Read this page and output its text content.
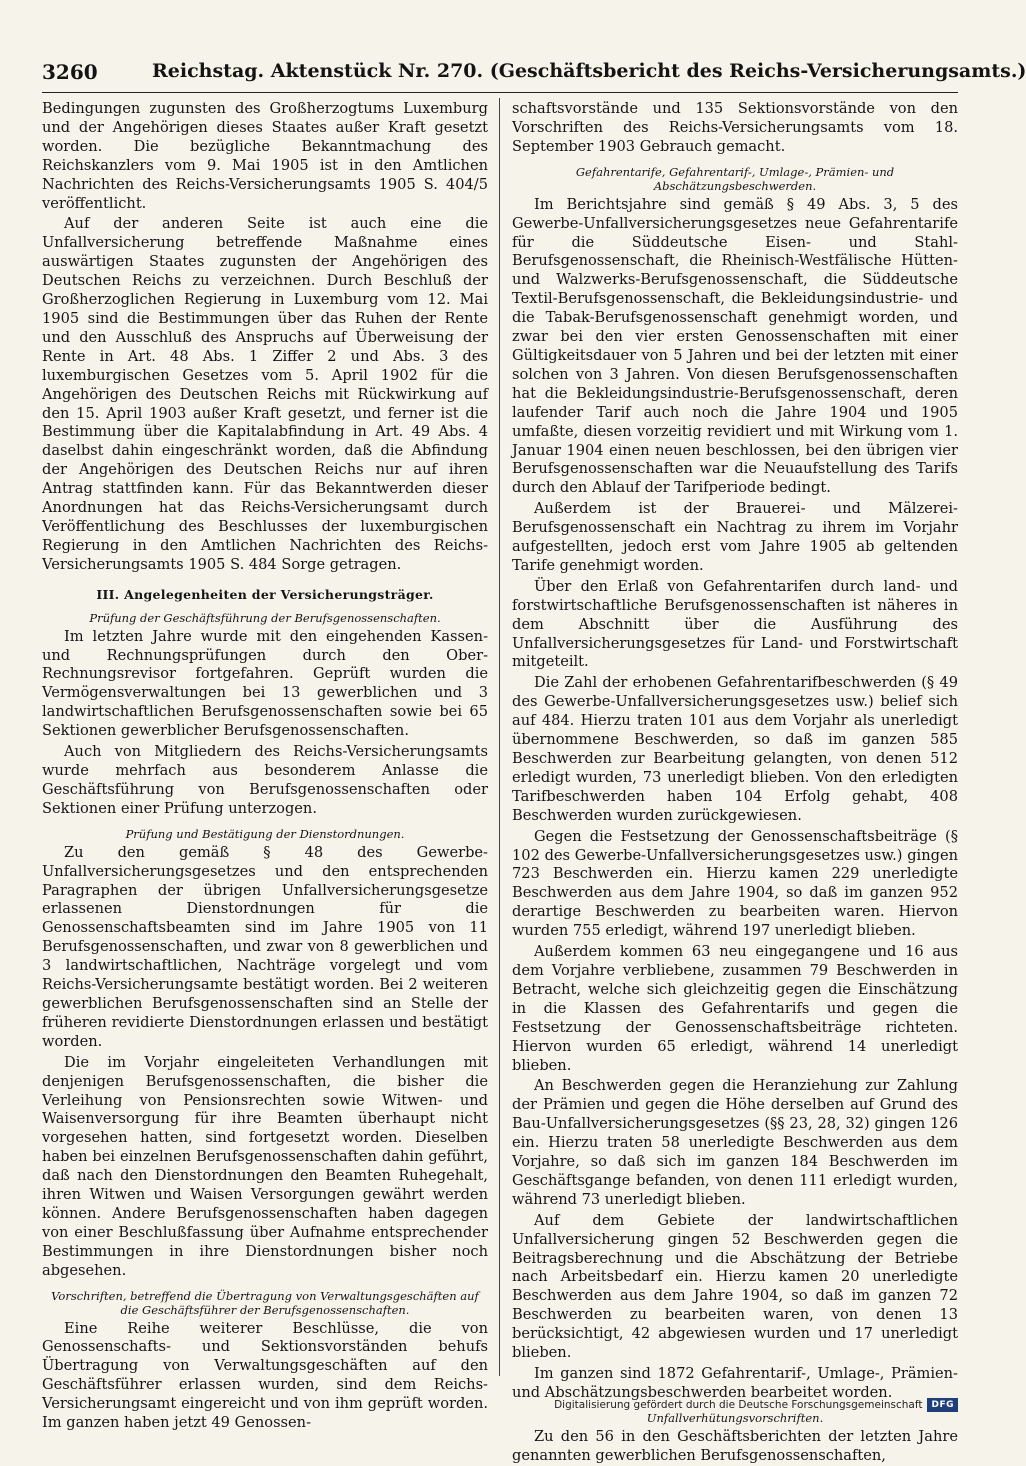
3260	Reichstag. Aktenstück Nr. 270. (Geschäftsbericht des Reichs-Versicherungsamts.)

Bedingungen zugunsten des Großherzogtums Luxemburg und der Angehörigen dieses Staates außer Kraft gesetzt worden. Die bezügliche Bekanntmachung des Reichskanzlers vom 9. Mai 1905 ist in den Amtlichen Nachrichten des Reichs-Versicherungsamts 1905 S. 404/5 veröffentlicht.

Auf der anderen Seite ist auch eine die Unfallversicherung betreffende Maßnahme eines auswärtigen Staates zugunsten der Angehörigen des Deutschen Reichs zu verzeichnen. Durch Beschluß der Großherzoglichen Regierung in Luxemburg vom 12. Mai 1905 sind die Bestimmungen über das Ruhen der Rente und den Ausschluß des Anspruchs auf Überweisung der Rente in Art. 48 Abs. 1 Ziffer 2 und Abs. 3 des luxemburgischen Gesetzes vom 5. April 1902 für die Angehörigen des Deutschen Reichs mit Rückwirkung auf den 15. April 1903 außer Kraft gesetzt, und ferner ist die Bestimmung über die Kapitalabfindung in Art. 49 Abs. 4 daselbst dahin eingeschränkt worden, daß die Abfindung der Angehörigen des Deutschen Reichs nur auf ihren Antrag stattfinden kann. Für das Bekanntwerden dieser Anordnungen hat das Reichs-Versicherungsamt durch Veröffentlichung des Beschlusses der luxemburgischen Regierung in den Amtlichen Nachrichten des Reichs-Versicherungsamts 1905 S. 484 Sorge getragen.

III. Angelegenheiten der Versicherungsträger.
Prüfung der Geschäftsführung der Berufsgenossenschaften.

Im letzten Jahre wurde mit den eingehenden Kassen- und Rechnungsprüfungen durch den Ober-Rechnungsrevisor fortgefahren. Geprüft wurden die Vermögensverwaltungen bei 13 gewerblichen und 3 landwirtschaftlichen Berufsgenossenschaften sowie bei 65 Sektionen gewerblicher Berufsgenossenschaften.

Auch von Mitgliedern des Reichs-Versicherungsamts wurde mehrfach aus besonderem Anlasse die Geschäftsführung von Berufsgenossenschaften oder Sektionen einer Prüfung unterzogen.

Prüfung und Bestätigung der Dienstordnungen.

Zu den gemäß § 48 des Gewerbe-Unfallversicherungsgesetzes und den entsprechenden Paragraphen der übrigen Unfallversicherungsgesetze erlassenen Dienstordnungen für die Genossenschaftsbeamten sind im Jahre 1905 von 11 Berufsgenossenschaften, und zwar von 8 gewerblichen und 3 landwirtschaftlichen, Nachträge vorgelegt und vom Reichs-Versicherungsamte bestätigt worden. Bei 2 weiteren gewerblichen Berufsgenossenschaften sind an Stelle der früheren revidierte Dienstordnungen erlassen und bestätigt worden.

Die im Vorjahr eingeleiteten Verhandlungen mit denjenigen Berufsgenossenschaften, die bisher die Verleihung von Pensionsrechten sowie Witwen- und Waisenversorgung für ihre Beamten überhaupt nicht vorgesehen hatten, sind fortgesetzt worden. Dieselben haben bei einzelnen Berufsgenossenschaften dahin geführt, daß nach den Dienstordnungen den Beamten Ruhegehalt, ihren Witwen und Waisen Versorgungen gewährt werden können. Andere Berufsgenossenschaften haben dagegen von einer Beschlußfassung über Aufnahme entsprechender Bestimmungen in ihre Dienstordnungen bisher noch abgesehen.

Vorschriften, betreffend die Übertragung von Verwaltungsgeschäften auf die Geschäftsführer der Berufsgenossenschaften.

Eine Reihe weiterer Beschlüsse, die von Genossenschafts- und Sektionsvorständen behufs Übertragung von Verwaltungsgeschäften auf den Geschäftsführer erlassen wurden, sind dem Reichs-Versicherungsamt eingereicht und von ihm geprüft worden. Im ganzen haben jetzt 49 Genossen-

schaftsvorstände und 135 Sektionsvorstände von den Vorschriften des Reichs-Versicherungsamts vom 18. September 1903 Gebrauch gemacht.

Gefahrentarife, Gefahrentarif-, Umlage-, Prämien- und Abschätzungsbeschwerden.

Im Berichtsjahre sind gemäß § 49 Abs. 3, 5 des Gewerbe-Unfallversicherungsgesetzes neue Gefahrentarife für die Süddeutsche Eisen- und Stahl-Berufsgenossenschaft, die Rheinisch-Westfälische Hütten- und Walzwerks-Berufsgenossenschaft, die Süddeutsche Textil-Berufsgenossenschaft, die Bekleidungsindustrie- und die Tabak-Berufsgenossenschaft genehmigt worden, und zwar bei den vier ersten Genossenschaften mit einer Gültigkeitsdauer von 5 Jahren und bei der letzten mit einer solchen von 3 Jahren. Von diesen Berufsgenossenschaften hat die Bekleidungsindustrie-Berufsgenossenschaft, deren laufender Tarif auch noch die Jahre 1904 und 1905 umfaßte, diesen vorzeitig revidiert und mit Wirkung vom 1. Januar 1904 einen neuen beschlossen, bei den übrigen vier Berufsgenossenschaften war die Neuaufstellung des Tarifs durch den Ablauf der Tarifperiode bedingt.

Außerdem ist der Brauerei- und Mälzerei-Berufsgenossenschaft ein Nachtrag zu ihrem im Vorjahr aufgestellten, jedoch erst vom Jahre 1905 ab geltenden Tarife genehmigt worden.

Über den Erlaß von Gefahrentarifen durch land- und forstwirtschaftliche Berufsgenossenschaften ist näheres in dem Abschnitt über die Ausführung des Unfallversicherungsgesetzes für Land- und Forstwirtschaft mitgeteilt.

Die Zahl der erhobenen Gefahrentarifbeschwerden (§ 49 des Gewerbe-Unfallversicherungsgesetzes usw.) belief sich auf 484. Hierzu traten 101 aus dem Vorjahr als unerledigt übernommene Beschwerden, so daß im ganzen 585 Beschwerden zur Bearbeitung gelangten, von denen 512 erledigt wurden, 73 unerledigt blieben. Von den erledigten Tarifbeschwerden haben 104 Erfolg gehabt, 408 Beschwerden wurden zurückgewiesen.

Gegen die Festsetzung der Genossenschaftsbeiträge (§ 102 des Gewerbe-Unfallversicherungsgesetzes usw.) gingen 723 Beschwerden ein. Hierzu kamen 229 unerledigte Beschwerden aus dem Jahre 1904, so daß im ganzen 952 derartige Beschwerden zu bearbeiten waren. Hiervon wurden 755 erledigt, während 197 unerledigt blieben.

Außerdem kommen 63 neu eingegangene und 16 aus dem Vorjahre verbliebene, zusammen 79 Beschwerden in Betracht, welche sich gleichzeitig gegen die Einschätzung in die Klassen des Gefahrentarifs und gegen die Festsetzung der Genossenschaftsbeiträge richteten. Hiervon wurden 65 erledigt, während 14 unerledigt blieben.

An Beschwerden gegen die Heranziehung zur Zahlung der Prämien und gegen die Höhe derselben auf Grund des Bau-Unfallversicherungsgesetzes (§§ 23, 28, 32) gingen 126 ein. Hierzu traten 58 unerledigte Beschwerden aus dem Vorjahre, so daß sich im ganzen 184 Beschwerden im Geschäftsgange befanden, von denen 111 erledigt wurden, während 73 unerledigt blieben.

Auf dem Gebiete der landwirtschaftlichen Unfallversicherung gingen 52 Beschwerden gegen die Beitragsberechnung und die Abschätzung der Betriebe nach Arbeitsbedarf ein. Hierzu kamen 20 unerledigte Beschwerden aus dem Jahre 1904, so daß im ganzen 72 Beschwerden zu bearbeiten waren, von denen 13 berücksichtigt, 42 abgewiesen wurden und 17 unerledigt blieben.

Im ganzen sind 1872 Gefahrentarif-, Umlage-, Prämien- und Abschätzungsbeschwerden bearbeitet worden.

Unfallverhütungsvorschriften.

Zu den 56 in den Geschäftsberichten der letzten Jahre genannten gewerblichen Berufsgenossenschaften,

Digitalisierung gefördert durch die Deutsche Forschungsgemeinschaft	DFG
